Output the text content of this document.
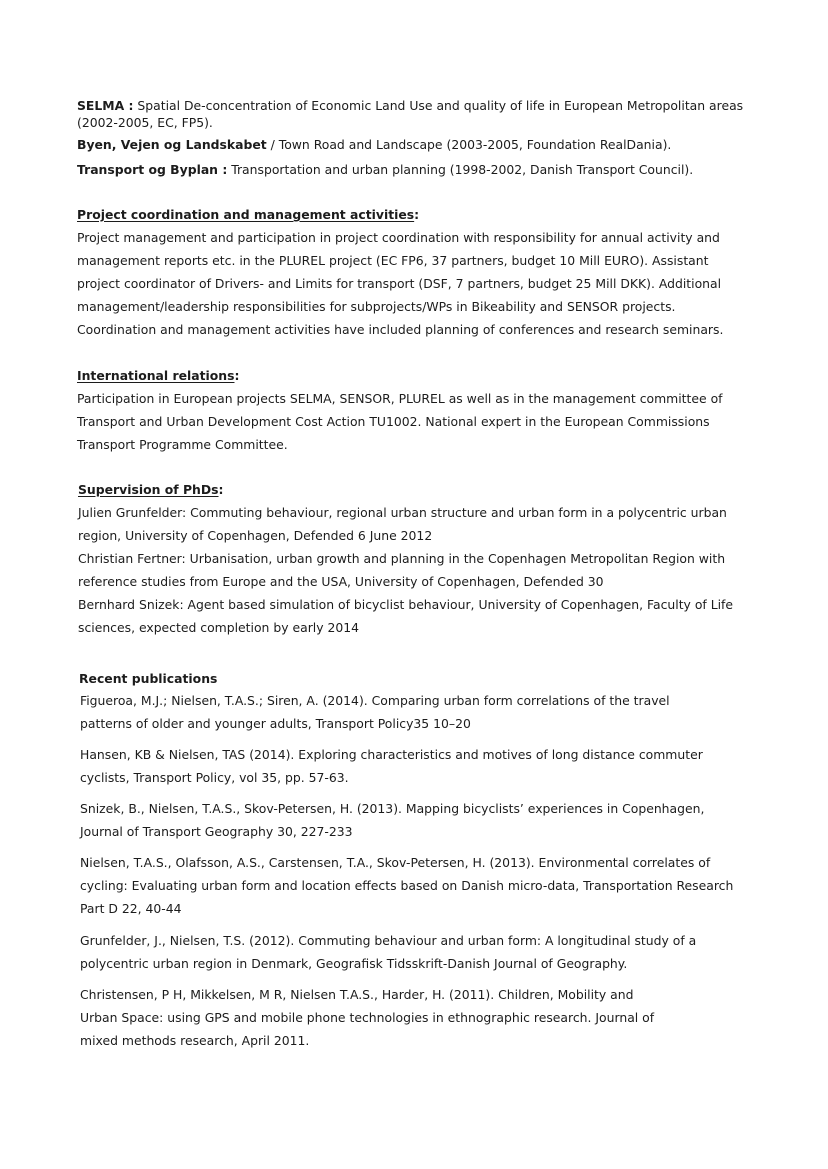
SELMA : Spatial De-concentration of Economic Land Use and quality of life in European Metropolitan areas (2002-2005, EC, FP5).
Byen, Vejen og Landskabet / Town Road and Landscape (2003-2005, Foundation RealDania).
Transport og Byplan : Transportation and urban planning (1998-2002, Danish Transport Council).
Project coordination and management activities:
Project management and participation in project coordination with responsibility for annual activity and
management reports etc. in the PLUREL project (EC FP6, 37 partners, budget 10 Mill EURO). Assistant
project coordinator of Drivers- and Limits for transport (DSF, 7 partners, budget 25 Mill DKK). Additional
management/leadership responsibilities for subprojects/WPs in Bikeability and SENSOR projects.
Coordination and management activities have included planning of conferences and research seminars.
International relations:
Participation in European projects SELMA, SENSOR, PLUREL as well as in the management committee of
Transport and Urban Development Cost Action TU1002. National expert in the European Commissions
Transport Programme Committee.
Supervision of PhDs:
Julien Grunfelder: Commuting behaviour, regional urban structure and urban form in a polycentric urban
region, University of Copenhagen, Defended 6 June 2012
Christian Fertner: Urbanisation, urban growth and planning in the Copenhagen Metropolitan Region with
reference studies from Europe and the USA, University of Copenhagen, Defended 30
Bernhard Snizek: Agent based simulation of bicyclist behaviour, University of Copenhagen, Faculty of Life
sciences, expected completion by early 2014
Recent publications

Figueroa, M.J.; Nielsen, T.A.S.; Siren, A. (2014). Comparing urban form correlations of the travel

patterns of older and younger adults, Transport Policy35 10–20

Hansen, KB & Nielsen, TAS (2014). Exploring characteristics and motives of long distance commuter

cyclists, Transport Policy, vol 35, pp. 57-63.

Snizek, B., Nielsen, T.A.S., Skov-Petersen, H. (2013). Mapping bicyclists’ experiences in Copenhagen,

Journal of Transport Geography 30, 227-233

Nielsen, T.A.S., Olafsson, A.S., Carstensen, T.A., Skov-Petersen, H. (2013). Environmental correlates of

cycling: Evaluating urban form and location effects based on Danish micro-data, Transportation Research

Part D 22, 40-44

Grunfelder, J., Nielsen, T.S. (2012). Commuting behaviour and urban form: A longitudinal study of a

polycentric urban region in Denmark, Geografisk Tidsskrift-Danish Journal of Geography.

Christensen, P H, Mikkelsen, M R, Nielsen T.A.S., Harder, H. (2011). Children, Mobility and

Urban Space: using GPS and mobile phone technologies in ethnographic research. Journal of

mixed methods research, April 2011.
